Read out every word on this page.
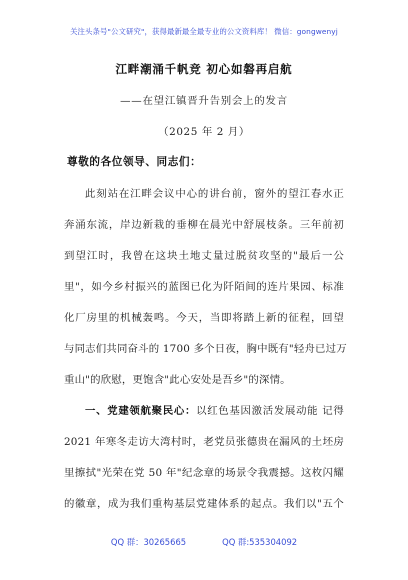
关注头条号"公文研究"，获得最新最全最专业的公文资料库！ 微信：gongwenyj
江畔潮涌千帆竞 初心如磐再启航
——在望江镇晋升告别会上的发言
（2025 年 2 月）
尊敬的各位领导、同志们：
此刻站在江畔会议中心的讲台前，窗外的望江春水正
奔涌东流，岸边新栽的垂柳在晨光中舒展枝条。三年前初
到望江时，我曾在这块土地丈量过脱贫攻坚的"最后一公
里"，如今乡村振兴的蓝图已化为阡陌间的连片果园、标准
化厂房里的机械轰鸣。今天，当即将踏上新的征程，回望
与同志们共同奋斗的 1700 多个日夜，胸中既有"轻舟已过万
重山"的欣慰，更饱含"此心安处是吾乡"的深情。
一、党建领航聚民心：以红色基因激活发展动能 记得
2021 年寒冬走访大湾村时，老党员张德贵在漏风的土坯房
里擦拭"光荣在党 50 年"纪念章的场景令我震撼。这枚闪耀
的徽章，成为我们重构基层党建体系的起点。我们以"五个
QQ 群：30265665	QQ 群:535304092
